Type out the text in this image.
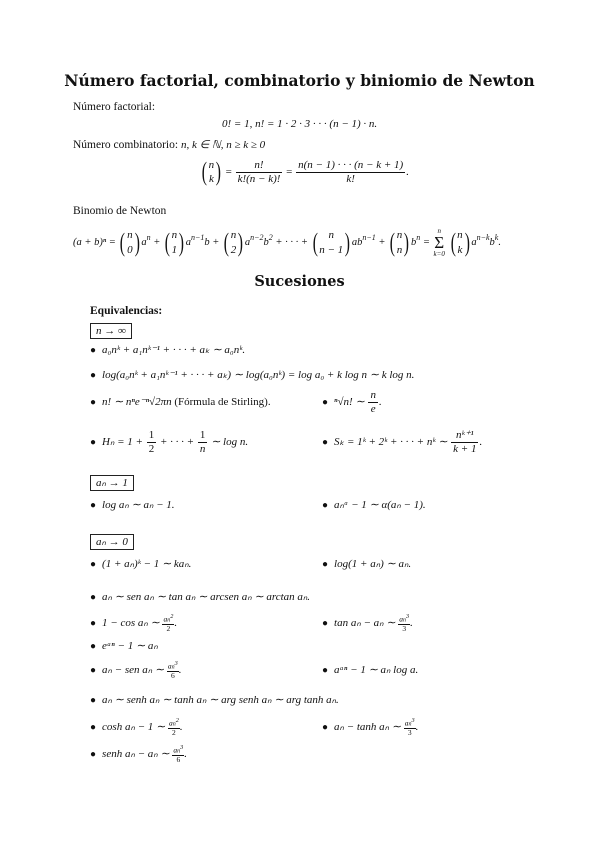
Número factorial, combinatorio y biniomio de Newton
Número factorial:
0! = 1, n! = 1 · 2 · 3 · · · (n − 1) · n.
Número combinatorio: n, k ∈ ℕ, n ≥ k ≥ 0
( n
k ) = $\frac{n!}{k!(n - k)!} = \frac{n(n - 1) \cdot \cdot \cdot (n - k + 1)}{k!}$ .
Binomio de Newton
(a + b)ⁿ = ( n
0 ) $a^n$ + ( n
1 ) $a^{n-1}b$ + ( n
2 ) $a^{n-2}b^2$ + · · · + ( n
n − 1 ) $ab^{n-1}$ + ( n
n ) $b^n$ =
n
Σ
k=0
( n
k ) $a^{n-k}b^k$.
Sucesiones
Equivalencias:
n → ∞
● a₀nᵏ + a₁nᵏ⁻¹ + · · · + aₖ ∼ a₀nᵏ.
● log(a₀nᵏ + a₁nᵏ⁻¹ + · · · + aₖ) ∼ log(a₀nᵏ) = log a₀ + k log n ∼ k log n.
● n! ∼ nⁿe⁻ⁿ√2πn (Fórmula de Stirling).	● ⁿ√n! ∼ $\frac{n}{e}$ .
● $H_n = 1 + \frac{1}{2}$ + · · · + $\frac{1}{n}$ ∼ log n.	● Sₖ = 1ᵏ + 2ᵏ + · · · + nᵏ ∼ $\frac{\text{nᵏ⁺¹}}{k + 1}$ .
aₙ → 1
● log aₙ ∼ aₙ − 1.	● aₙᵅ − 1 ∼ α(aₙ − 1).
aₙ → 0
● (1 + aₙ)ᵏ − 1 ∼ kaₙ.	● log(1 + aₙ) ∼ aₙ.
● aₙ ∼ sen aₙ ∼ tan aₙ ∼ arcsen aₙ ∼ arctan aₙ.
● 1 − cos aₙ ∼ $\frac{an^2}{2}$ .	● tan aₙ − aₙ ∼ $\frac{an^3}{3}$ .
● eᵃⁿ − 1 ∼ aₙ
● aₙ − sen aₙ ∼ $\frac{an^3}{6}$ .	● aᵃⁿ − 1 ∼ aₙ log a.
● aₙ ∼ senh aₙ ∼ tanh aₙ ∼ arg senh aₙ ∼ arg tanh aₙ.
● cosh aₙ − 1 ∼ $\frac{an^2}{2}$ .	● aₙ − tanh aₙ ∼ $\frac{an^3}{3}$ .
● senh aₙ − aₙ ∼ $\frac{an^3}{6}$ .
